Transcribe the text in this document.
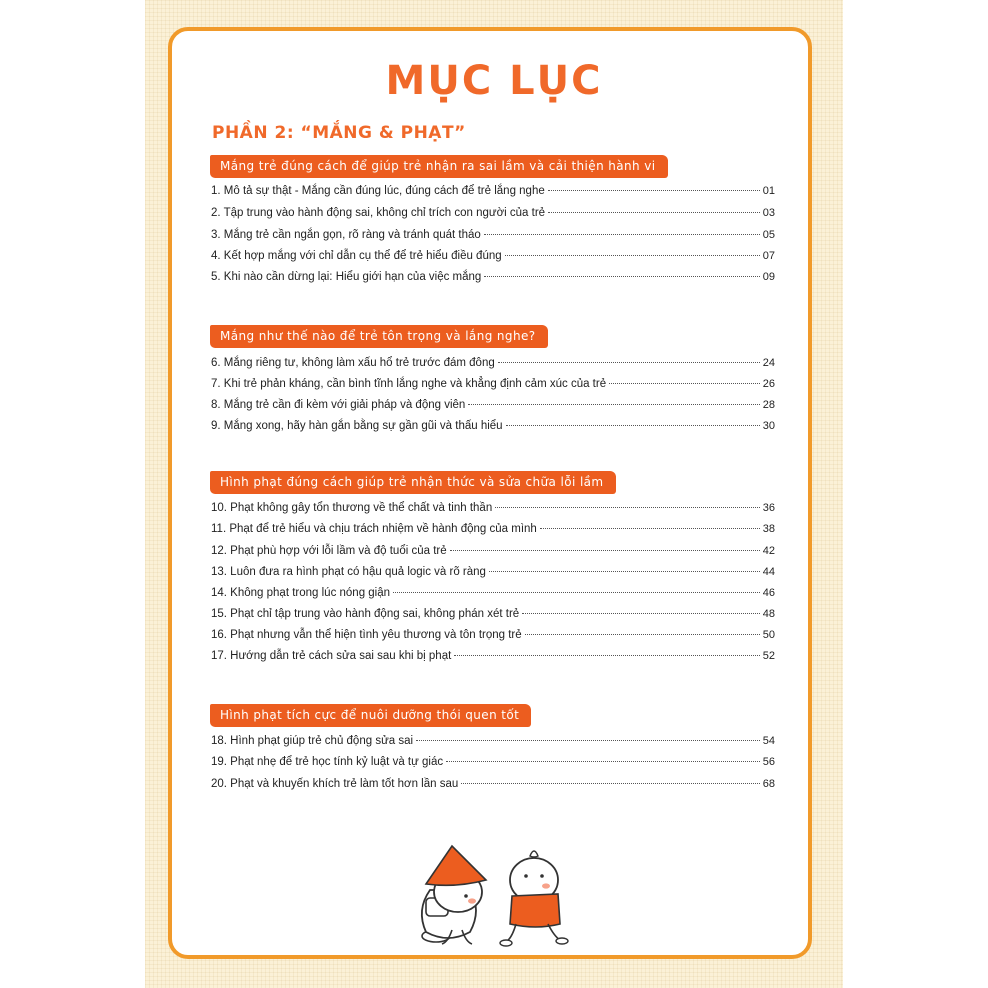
MỤC LỤC
PHẦN 2: “MẮNG & PHẠT”
Mắng trẻ đúng cách để giúp trẻ nhận ra sai lầm và cải thiện hành vi
1. Mô tả sự thật - Mắng cần đúng lúc, đúng cách để trẻ lắng nghe	01
2. Tập trung vào hành động sai, không chỉ trích con người của trẻ	03
3. Mắng trẻ cần ngắn gọn, rõ ràng và tránh quát tháo	05
4. Kết hợp mắng với chỉ dẫn cụ thể để trẻ hiểu điều đúng	07
5. Khi nào cần dừng lại: Hiểu giới hạn của việc mắng	09
Mắng như thế nào để trẻ tôn trọng và lắng nghe?
6. Mắng riêng tư, không làm xấu hổ trẻ trước đám đông	24
7. Khi trẻ phản kháng, cần bình tĩnh lắng nghe và khẳng định cảm xúc của trẻ	26
8. Mắng trẻ cần đi kèm với giải pháp và động viên	28
9. Mắng xong, hãy hàn gắn bằng sự gần gũi và thấu hiểu	30
Hình phạt đúng cách giúp trẻ nhận thức và sửa chữa lỗi lầm
10. Phạt không gây tổn thương về thể chất và tinh thần	36
11. Phạt để trẻ hiểu và chịu trách nhiệm về hành động của mình	38
12. Phạt phù hợp với lỗi lầm và độ tuổi của trẻ	42
13. Luôn đưa ra hình phạt có hậu quả logic và rõ ràng	44
14. Không phạt trong lúc nóng giận	46
15. Phạt chỉ tập trung vào hành động sai, không phán xét trẻ	48
16. Phạt nhưng vẫn thể hiện tình yêu thương và tôn trọng trẻ	50
17. Hướng dẫn trẻ cách sửa sai sau khi bị phạt	52
Hình phạt tích cực để nuôi dưỡng thói quen tốt
18. Hình phạt giúp trẻ chủ động sửa sai	54
19. Phạt nhẹ để trẻ học tính kỷ luật và tự giác	56
20. Phạt và khuyến khích trẻ làm tốt hơn lần sau	68
